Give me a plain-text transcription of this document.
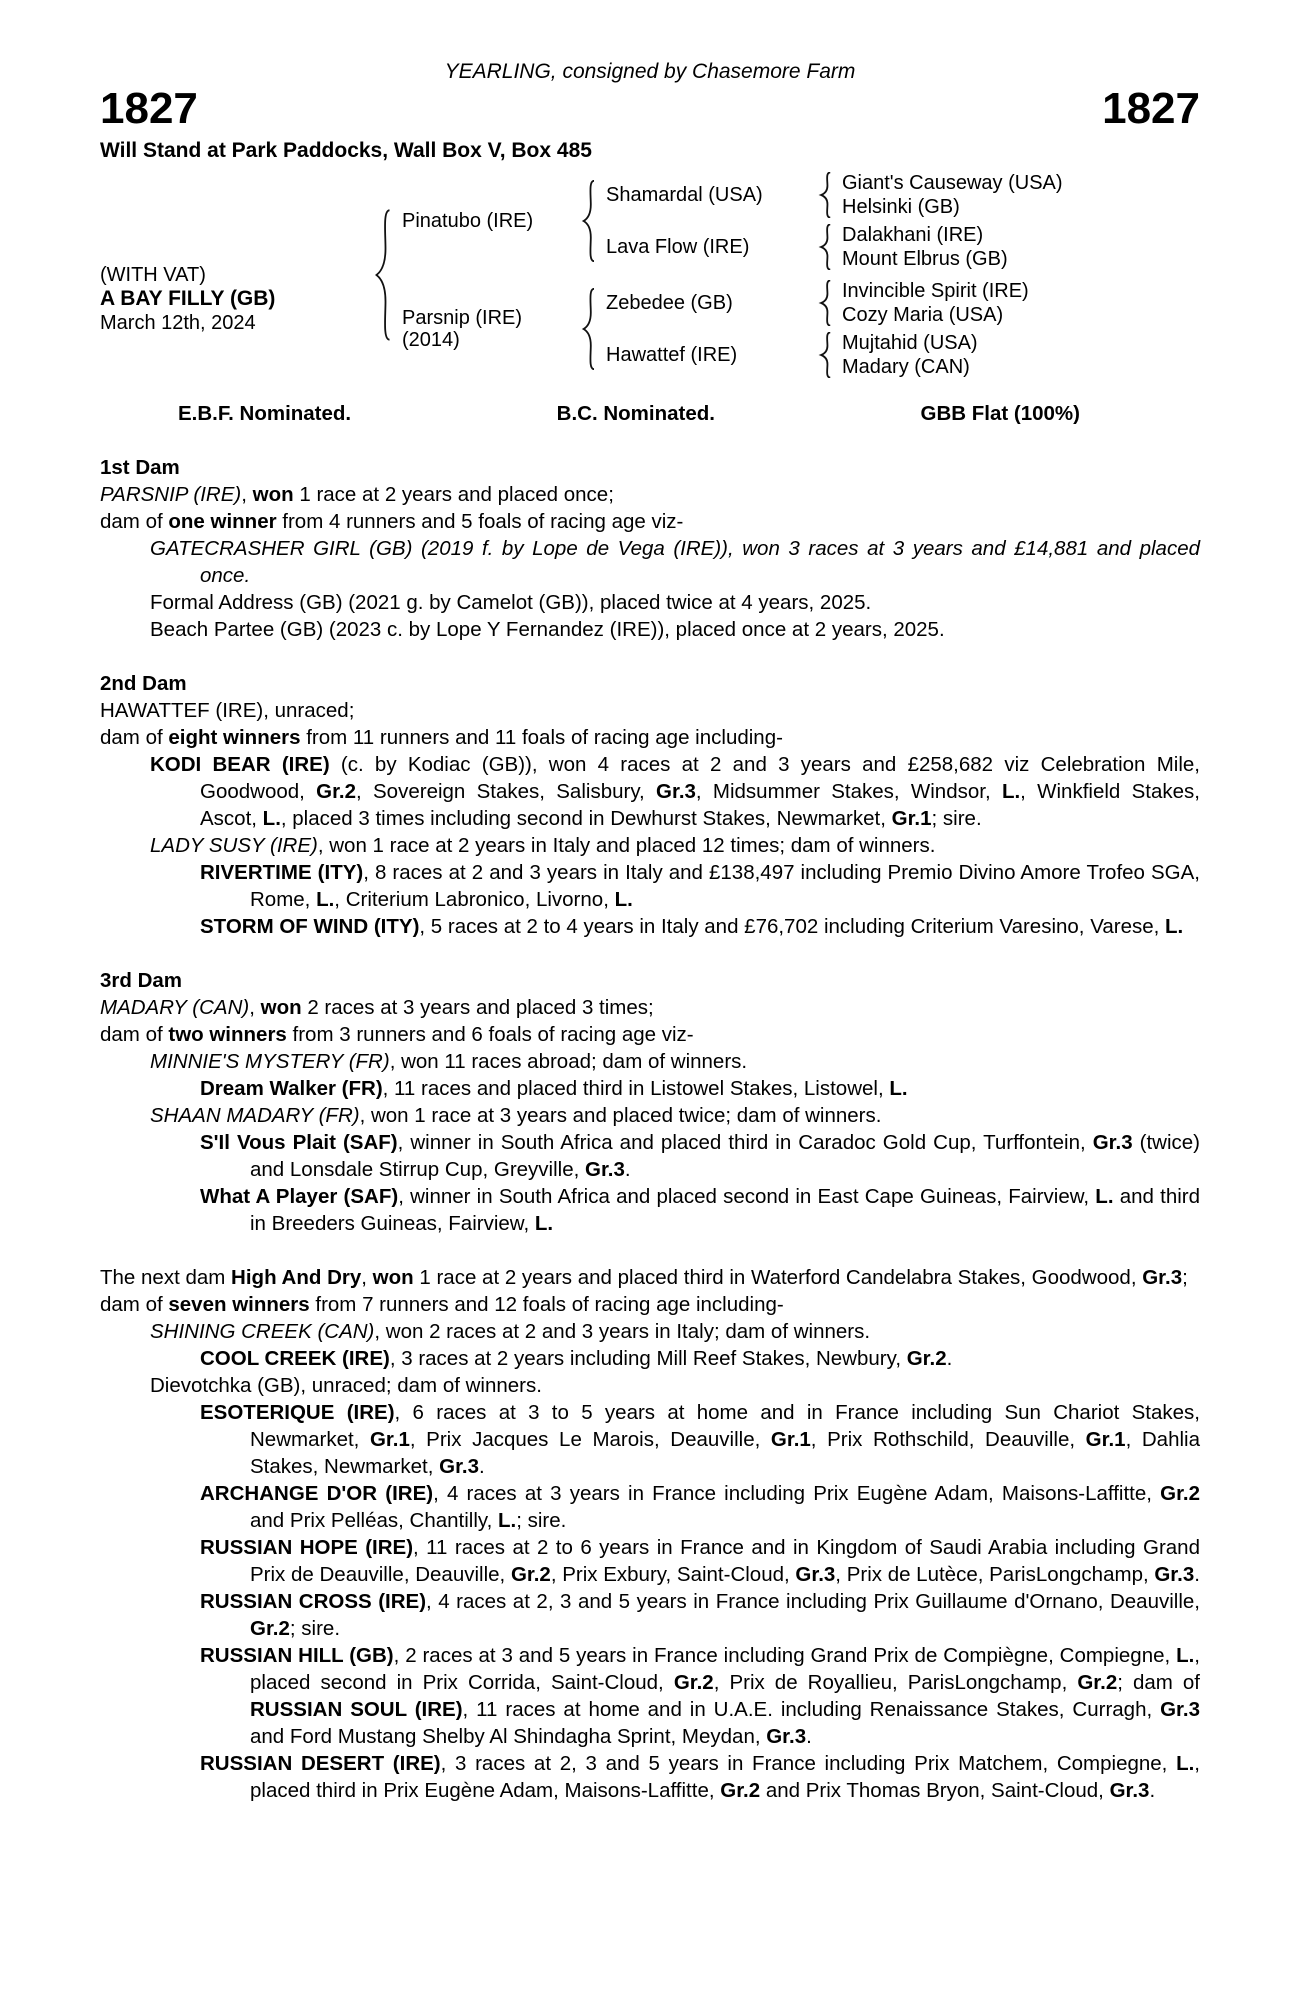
YEARLING, consigned by Chasemore Farm
1827	1827
Will Stand at Park Paddocks, Wall Box V, Box 485
(WITH VAT)
A BAY FILLY (GB)
March 12th, 2024
Pinatubo (IRE)
Shamardal (USA)
Giant's Causeway (USA)
Helsinki (GB)
Lava Flow (IRE)
Dalakhani (IRE)
Mount Elbrus (GB)
Parsnip (IRE)
(2014)
Zebedee (GB)
Invincible Spirit (IRE)
Cozy Maria (USA)
Hawattef (IRE)
Mujtahid (USA)
Madary (CAN)
E.B.F. Nominated.	B.C. Nominated.	GBB Flat (100%)
1st Dam
PARSNIP (IRE), won 1 race at 2 years and placed once;
dam of one winner from 4 runners and 5 foals of racing age viz-
GATECRASHER GIRL (GB) (2019 f. by Lope de Vega (IRE)), won 3 races at 3 years and £14,881 and placed once.
Formal Address (GB) (2021 g. by Camelot (GB)), placed twice at 4 years, 2025.
Beach Partee (GB) (2023 c. by Lope Y Fernandez (IRE)), placed once at 2 years, 2025.
2nd Dam
HAWATTEF (IRE), unraced;
dam of eight winners from 11 runners and 11 foals of racing age including-
KODI BEAR (IRE) (c. by Kodiac (GB)), won 4 races at 2 and 3 years and £258,682 viz Celebration Mile, Goodwood, Gr.2, Sovereign Stakes, Salisbury, Gr.3, Midsummer Stakes, Windsor, L., Winkfield Stakes, Ascot, L., placed 3 times including second in Dewhurst Stakes, Newmarket, Gr.1; sire.
LADY SUSY (IRE), won 1 race at 2 years in Italy and placed 12 times; dam of winners.
RIVERTIME (ITY), 8 races at 2 and 3 years in Italy and £138,497 including Premio Divino Amore Trofeo SGA, Rome, L., Criterium Labronico, Livorno, L.
STORM OF WIND (ITY), 5 races at 2 to 4 years in Italy and £76,702 including Criterium Varesino, Varese, L.
3rd Dam
MADARY (CAN), won 2 races at 3 years and placed 3 times;
dam of two winners from 3 runners and 6 foals of racing age viz-
MINNIE'S MYSTERY (FR), won 11 races abroad; dam of winners.
Dream Walker (FR), 11 races and placed third in Listowel Stakes, Listowel, L.
SHAAN MADARY (FR), won 1 race at 3 years and placed twice; dam of winners.
S'Il Vous Plait (SAF), winner in South Africa and placed third in Caradoc Gold Cup, Turffontein, Gr.3 (twice) and Lonsdale Stirrup Cup, Greyville, Gr.3.
What A Player (SAF), winner in South Africa and placed second in East Cape Guineas, Fairview, L. and third in Breeders Guineas, Fairview, L.
The next dam High And Dry, won 1 race at 2 years and placed third in Waterford Candelabra Stakes, Goodwood, Gr.3;
dam of seven winners from 7 runners and 12 foals of racing age including-
SHINING CREEK (CAN), won 2 races at 2 and 3 years in Italy; dam of winners.
COOL CREEK (IRE), 3 races at 2 years including Mill Reef Stakes, Newbury, Gr.2.
Dievotchka (GB), unraced; dam of winners.
ESOTERIQUE (IRE), 6 races at 3 to 5 years at home and in France including Sun Chariot Stakes, Newmarket, Gr.1, Prix Jacques Le Marois, Deauville, Gr.1, Prix Rothschild, Deauville, Gr.1, Dahlia Stakes, Newmarket, Gr.3.
ARCHANGE D'OR (IRE), 4 races at 3 years in France including Prix Eugène Adam, Maisons-Laffitte, Gr.2 and Prix Pelléas, Chantilly, L.; sire.
RUSSIAN HOPE (IRE), 11 races at 2 to 6 years in France and in Kingdom of Saudi Arabia including Grand Prix de Deauville, Deauville, Gr.2, Prix Exbury, Saint-Cloud, Gr.3, Prix de Lutèce, ParisLongchamp, Gr.3.
RUSSIAN CROSS (IRE), 4 races at 2, 3 and 5 years in France including Prix Guillaume d'Ornano, Deauville, Gr.2; sire.
RUSSIAN HILL (GB), 2 races at 3 and 5 years in France including Grand Prix de Compiègne, Compiegne, L., placed second in Prix Corrida, Saint-Cloud, Gr.2, Prix de Royallieu, ParisLongchamp, Gr.2; dam of RUSSIAN SOUL (IRE), 11 races at home and in U.A.E. including Renaissance Stakes, Curragh, Gr.3 and Ford Mustang Shelby Al Shindagha Sprint, Meydan, Gr.3.
RUSSIAN DESERT (IRE), 3 races at 2, 3 and 5 years in France including Prix Matchem, Compiegne, L., placed third in Prix Eugène Adam, Maisons-Laffitte, Gr.2 and Prix Thomas Bryon, Saint-Cloud, Gr.3.
